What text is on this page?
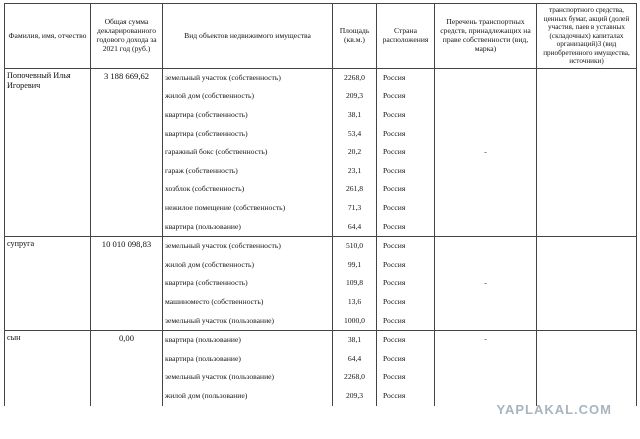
Фамилия, имя, отчество	Общая сумма декларированного годового дохода за 2021 год (руб.)	Вид объектов недвижимого имущества	Площадь (кв.м.)	Страна расположения	Перечень транспортных средств, принадлежащих на праве собственности (вид, марка)	транспортного средства, ценных бумаг, акций (долей участия, паев в уставных (складочных) капиталах организаций)3 (вид приобретенного имущества, источники)
Попочевный Илья Игоревич	3 188 669,62	земельный участок (собственность)	2268,0	Россия	-	
		жилой дом (собственность)	209,3	Россия		
		квартира (собственность)	38,1	Россия		
		квартира (собственность)	53,4	Россия		
		гаражный бокс (собственность)	20,2	Россия		
		гараж (собственность)	23,1	Россия		
		хозблок (собственность)	261,8	Россия		
		нежилое помещение (собственность)	71,3	Россия		
		квартира (пользование)	64,4	Россия		
супруга	10 010 098,83	земельный участок (собственность)	510,0	Россия	-	
		жилой дом (собственность)	99,1	Россия		
		квартира (собственность)	109,8	Россия		
		машиноместо (собственность)	13,6	Россия		
		земельный участок (пользование)	1000,0	Россия		
сын	0,00	квартира (пользование)	38,1	Россия	-	
		квартира (пользование)	64,4	Россия		
		земельный участок (пользование)	2268,0	Россия		
		жилой дом (пользование)	209,3	Россия		
YAPLAKAL.COM
